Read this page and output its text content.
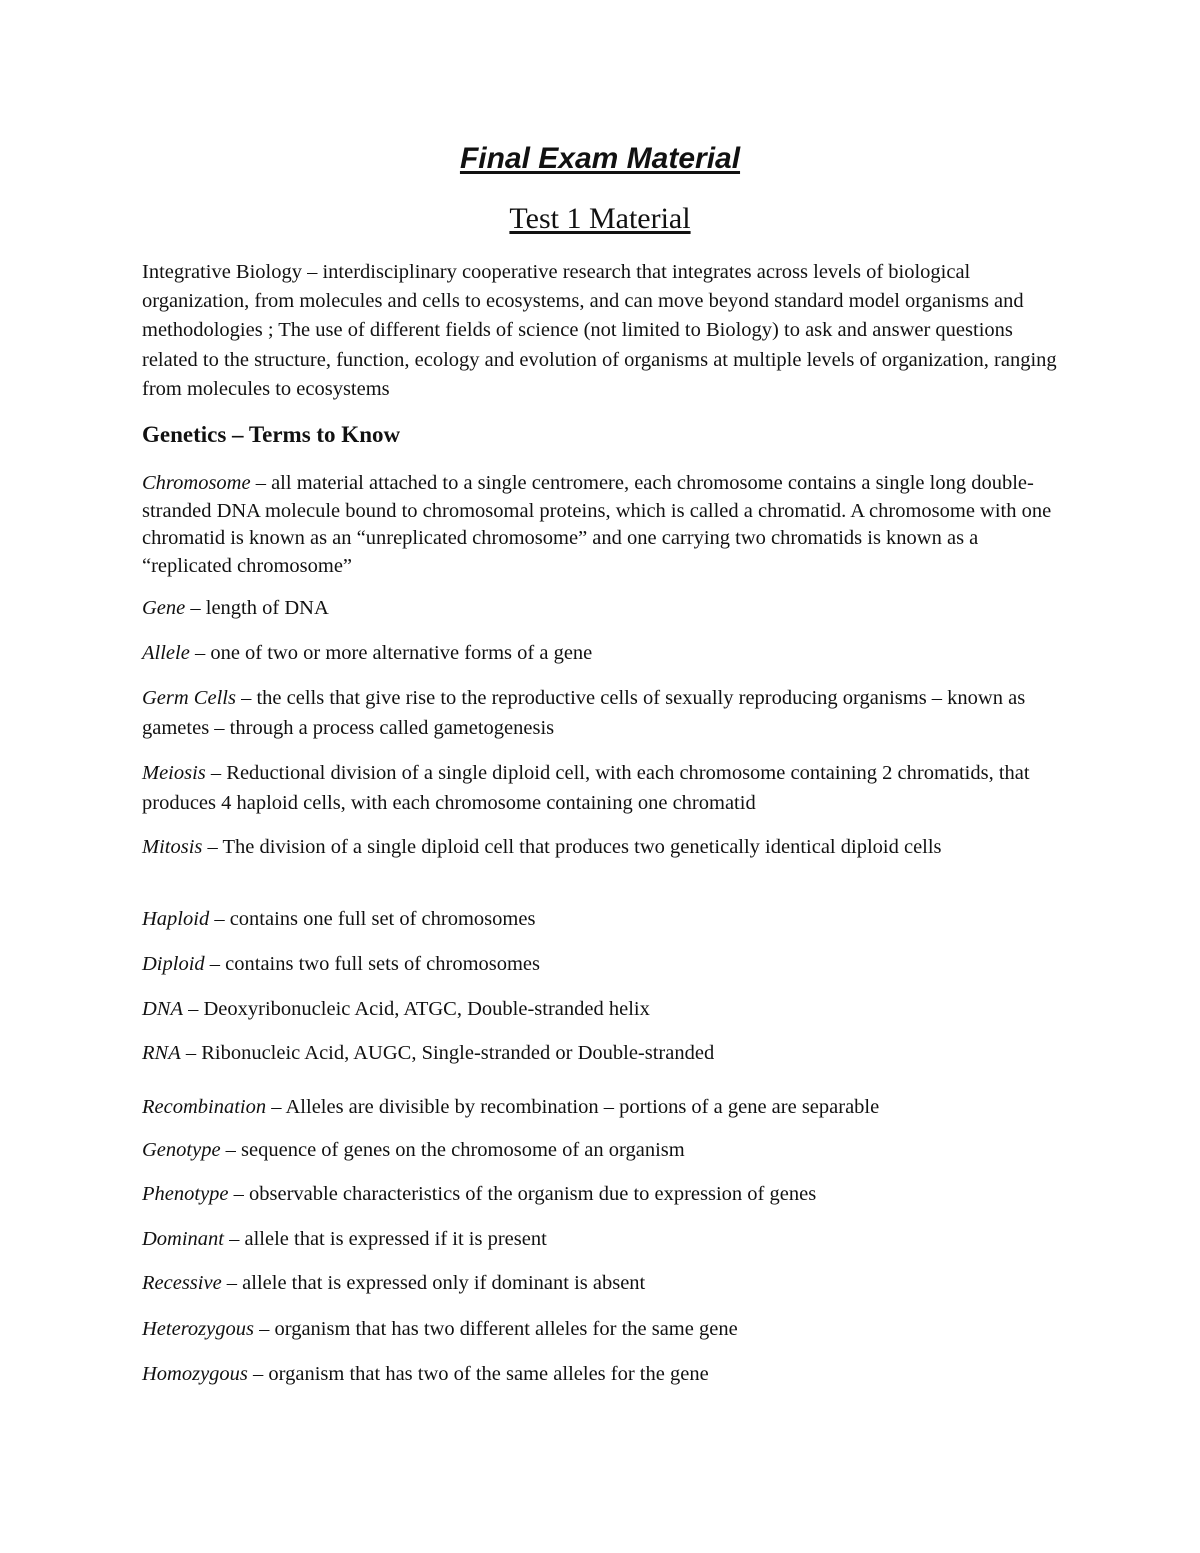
Final Exam Material
Test 1 Material

Integrative Biology – interdisciplinary cooperative research that integrates across levels of biological organization, from molecules and cells to ecosystems, and can move beyond standard model organisms and methodologies ; The use of different fields of science (not limited to Biology) to ask and answer questions related to the structure, function, ecology and evolution of organisms at multiple levels of organization, ranging from molecules to ecosystems

Genetics – Terms to Know

Chromosome – all material attached to a single centromere, each chromosome contains a single long double-stranded DNA molecule bound to chromosomal proteins, which is called a chromatid. A chromosome with one chromatid is known as an “unreplicated chromosome” and one carrying two chromatids is known as a “replicated chromosome”

Gene – length of DNA

Allele – one of two or more alternative forms of a gene

Germ Cells – the cells that give rise to the reproductive cells of sexually reproducing organisms – known as gametes – through a process called gametogenesis

Meiosis – Reductional division of a single diploid cell, with each chromosome containing 2 chromatids, that produces 4 haploid cells, with each chromosome containing one chromatid

Mitosis – The division of a single diploid cell that produces two genetically identical diploid cells

Haploid – contains one full set of chromosomes

Diploid – contains two full sets of chromosomes

DNA – Deoxyribonucleic Acid, ATGC, Double-stranded helix

RNA – Ribonucleic Acid, AUGC, Single-stranded or Double-stranded

Recombination – Alleles are divisible by recombination – portions of a gene are separable

Genotype – sequence of genes on the chromosome of an organism

Phenotype – observable characteristics of the organism due to expression of genes

Dominant – allele that is expressed if it is present

Recessive – allele that is expressed only if dominant is absent

Heterozygous – organism that has two different alleles for the same gene

Homozygous – organism that has two of the same alleles for the gene
